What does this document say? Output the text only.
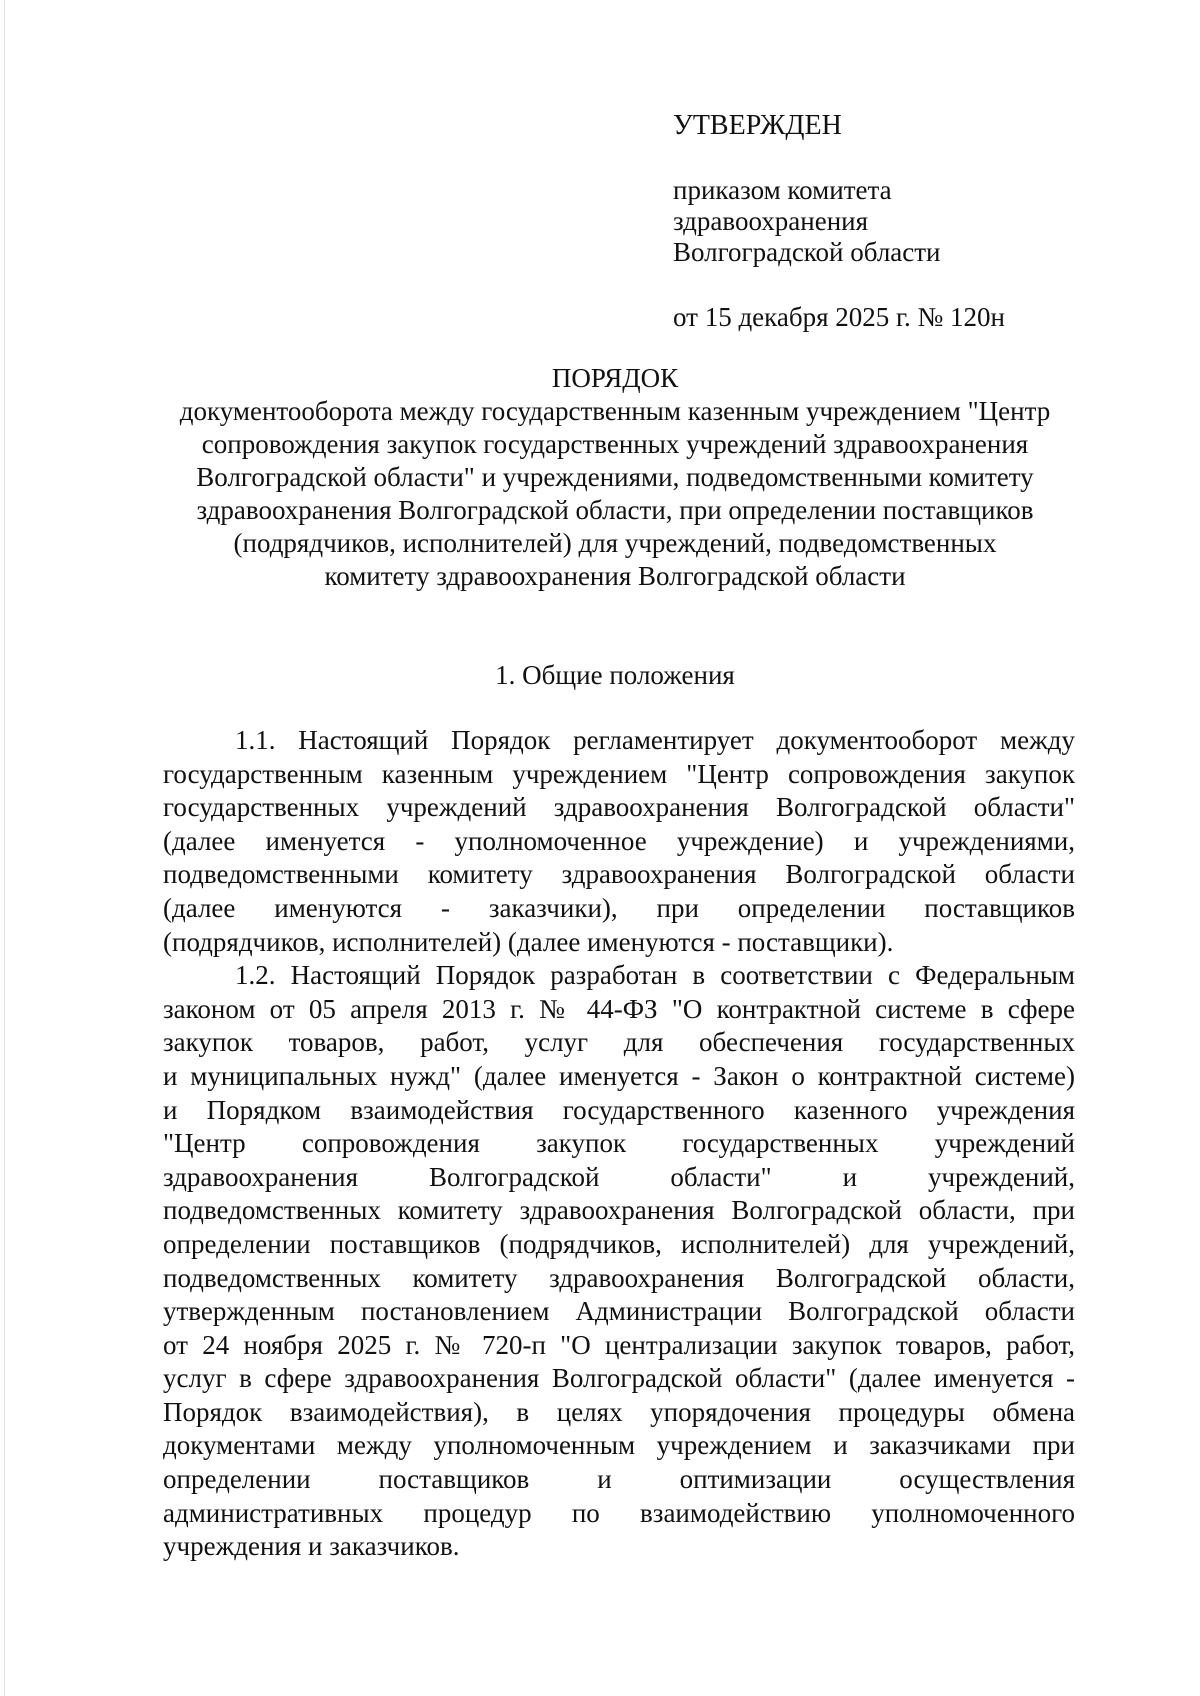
УТВЕРЖДЕН
приказом комитета
здравоохранения
Волгоградской области
от 15 декабря 2025 г. № 120н
ПОРЯДОК
документооборота между государственным казенным учреждением "Центр
сопровождения закупок государственных учреждений здравоохранения
Волгоградской области" и учреждениями, подведомственными комитету
здравоохранения Волгоградской области, при определении поставщиков
(подрядчиков, исполнителей) для учреждений, подведомственных
комитету здравоохранения Волгоградской области
1. Общие положения
1.1. Настоящий Порядок регламентирует документооборот между
государственным казенным учреждением "Центр сопровождения закупок
государственных учреждений здравоохранения Волгоградской области"
(далее именуется - уполномоченное учреждение) и учреждениями,
подведомственными комитету здравоохранения Волгоградской области
(далее именуются - заказчики), при определении поставщиков
(подрядчиков, исполнителей) (далее именуются - поставщики).
1.2. Настоящий Порядок разработан в соответствии с Федеральным
законом от 05 апреля 2013 г. № 44-ФЗ "О контрактной системе в сфере
закупок товаров, работ, услуг для обеспечения государственных
и муниципальных нужд" (далее именуется - Закон о контрактной системе)
и Порядком взаимодействия государственного казенного учреждения
"Центр сопровождения закупок государственных учреждений
здравоохранения Волгоградской области" и учреждений,
подведомственных комитету здравоохранения Волгоградской области, при
определении поставщиков (подрядчиков, исполнителей) для учреждений,
подведомственных комитету здравоохранения Волгоградской области,
утвержденным постановлением Администрации Волгоградской области
от 24 ноября 2025 г. № 720-п "О централизации закупок товаров, работ,
услуг в сфере здравоохранения Волгоградской области" (далее именуется -
Порядок взаимодействия), в целях упорядочения процедуры обмена
документами между уполномоченным учреждением и заказчиками при
определении поставщиков и оптимизации осуществления
административных процедур по взаимодействию уполномоченного
учреждения и заказчиков.
